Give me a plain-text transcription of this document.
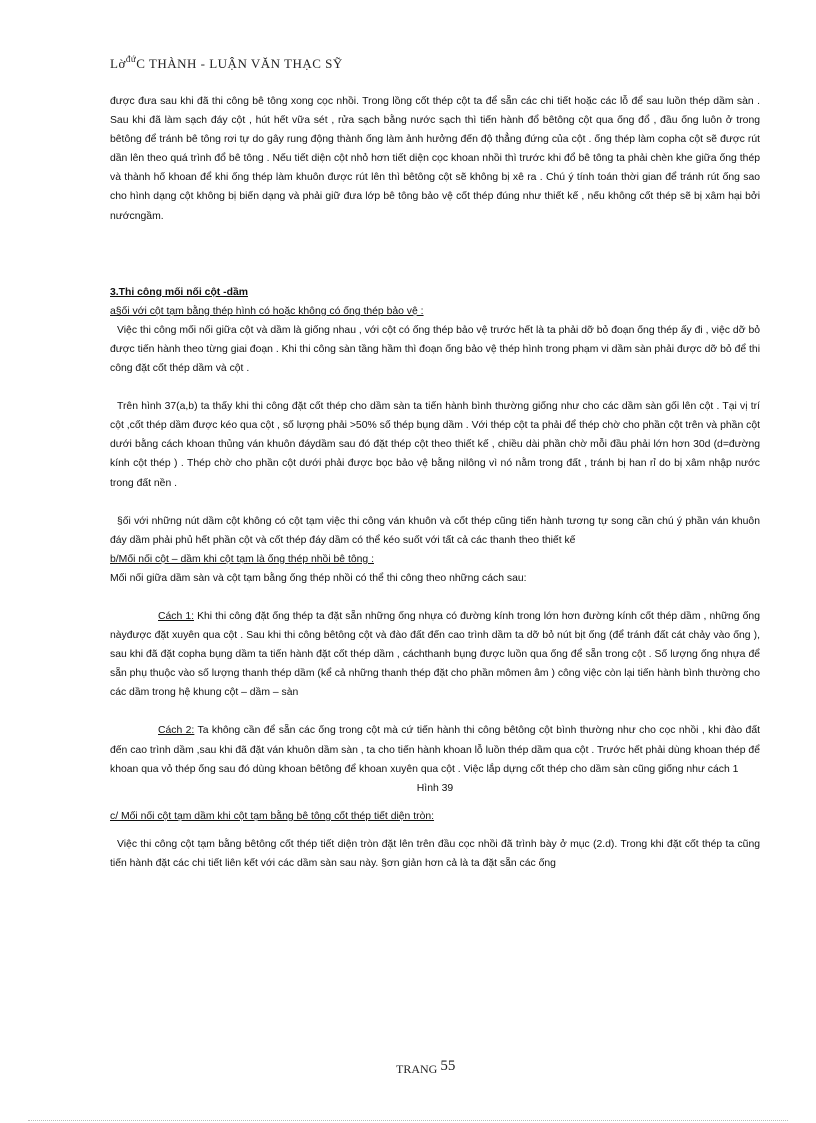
Lờ$^{đứ}$C THÀNH - LUẬN VĂN THẠC SỸ

được đưa sau khi đã thi công bê tông xong cọc nhồi. Trong lồng cốt thép cột ta để sẵn các chi tiết hoặc các lỗ để sau luồn thép dầm sàn . Sau khi đã làm sạch đáy cột , hút hết vữa sét , rửa sạch bằng nước sạch thì tiến hành đổ bêtông cột qua ống đổ , đầu ống luôn ở trong bêtông để tránh bê tông rơi tự do gây rung động thành ống làm ảnh hưởng đến độ thẳng đứng của cột . ống thép làm copha cột sẽ được rút dần lên theo quá trình đổ bê tông . Nếu tiết diện cột nhỏ hơn tiết diện cọc khoan nhồi thì trước khi đổ bê tông ta phải chèn khe giữa ống thép và thành hố khoan để khi ống thép làm khuôn được rút lên thì bêtông cột sẽ không bị xê ra . Chú ý tính toán thời gian để tránh rút ống sao cho hình dạng cột không bị biến dạng và phải giữ đưa lớp bê tông bảo vệ cốt thép đúng như thiết kế , nếu không cốt thép sẽ bị xâm hại bởi nướcngầm.

3.Thi công mối nối cột -dầm

a§ối với cột tạm bằng thép hình có hoặc không có ống thép bảo vệ :

Việc thi công mối nối giữa cột và dầm là giống nhau , với cột có ống thép bảo vệ trước hết là ta phải dỡ bỏ đoạn ống thép ấy đi , việc dỡ bỏ được tiến hành theo từng giai đoạn . Khi thi công sàn tầng hầm thì đoạn ống bảo vệ thép hình trong phạm vi dầm sàn phải được dỡ bỏ để thi công đặt cốt thép dầm và cột .

Trên hình 37(a,b) ta thấy khi thi công đặt cốt thép cho dầm sàn ta tiến hành bình thường giống như cho các dầm sàn gối lên cột . Tại vị trí cột ,cốt thép dầm được kéo qua cột , số lượng phải >50% số thép bụng dầm . Với thép cột ta phải để thép chờ cho phần cột trên và phần cột dưới bằng cách khoan thủng ván khuôn đáydầm sau đó đặt thép cột theo thiết kế , chiều dài phần chờ mỗi đầu phải lớn hơn 30d (d=đường kính cột thép ) . Thép chờ cho phần cột dưới phải được bọc bảo vệ bằng nilông vì nó nằm trong đất , tránh bị han rỉ do bị xâm nhập nước trong đất nền .

§ối với những nút dầm cột không có cột tạm việc thi công ván khuôn và cốt thép cũng tiến hành tương tự song cần chú ý phần ván khuôn đáy dầm phải phủ hết phần cột và cốt thép đáy dầm có thể kéo suốt với tất cả các thanh theo thiết kế

b/Mối nối cột – dầm khi cột tạm là ống thép nhồi bê tông :

Mối nối giữa dầm sàn và cột tạm bằng ống thép nhồi có thể thi công theo những cách sau:

Cách 1: Khi thi công đặt ống thép ta đặt sẵn những ống nhựa có đường kính trong lớn hơn đường kính cốt thép dầm , những ống nàyđược đặt xuyên qua cột . Sau khi thi công bêtông cột và đào đất đến cao trình dầm ta dỡ bỏ nút bịt ống (để tránh đất cát chảy vào ống ), sau khi đã đặt copha bụng dầm ta tiến hành đặt cốt thép dầm , cáchthanh bụng được luồn qua ống để sẵn trong cột . Số lượng ống nhựa để sẵn phụ thuộc vào số lượng thanh thép dầm (kể cả những thanh thép đặt cho phần mômen âm ) công việc còn lại tiến hành bình thường cho các dầm trong hệ khung cột – dầm – sàn

Cách 2: Ta không cần để sẵn các ống trong cột mà cứ tiến hành thi công bêtông cột bình thường như cho cọc nhồi , khi đào đất đến cao trình dầm ,sau khi đã đặt ván khuôn dầm sàn , ta cho tiến hành khoan lỗ luồn thép dầm qua cột . Trước hết phải dùng khoan thép để khoan qua vỏ thép ống sau đó dùng khoan bêtông để khoan xuyên qua cột . Việc lắp dựng cốt thép cho dầm sàn cũng giống như cách 1

Hình 39

c/ Mối nối cột tạm dầm khi cột tạm bằng bê tông cốt thép tiết diện tròn:

Việc thi công cột tạm bằng bêtông cốt thép tiết diện tròn đặt lên trên đầu cọc nhồi đã trình bày ở mục (2.d). Trong khi đặt cốt thép ta cũng tiến hành đặt các chi tiết liên kết với các dầm sàn sau này. §ơn giản hơn cả là ta đặt sẵn các ống

TRANG 55
